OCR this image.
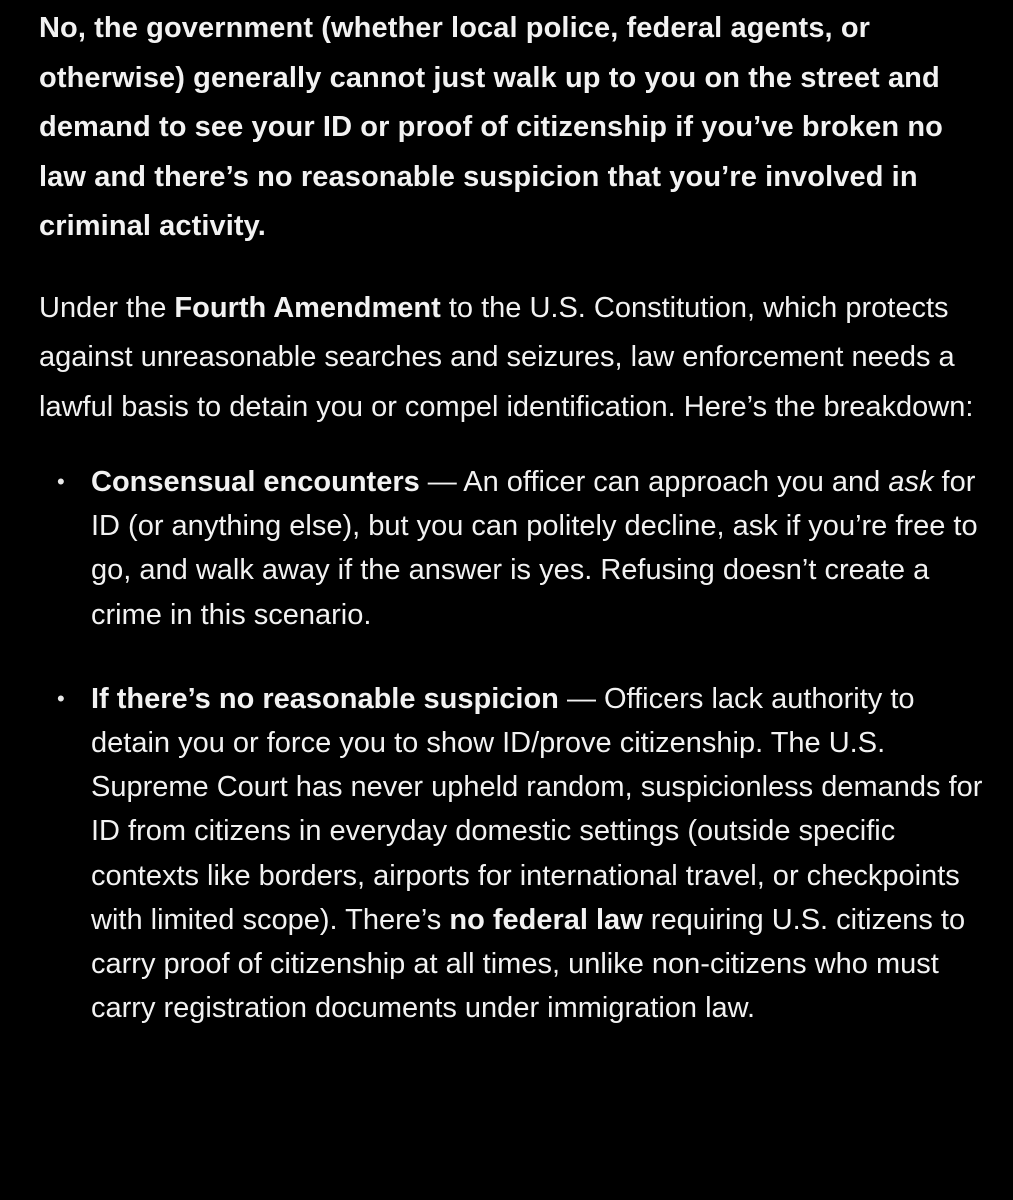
No, the government (whether local police, federal agents, or otherwise) generally cannot just walk up to you on the street and demand to see your ID or proof of citizenship if you’ve broken no law and there’s no reasonable suspicion that you’re involved in criminal activity.

Under the Fourth Amendment to the U.S. Constitution, which protects against unreasonable searches and seizures, law enforcement needs a lawful basis to detain you or compel identification. Here’s the breakdown:

• Consensual encounters — An officer can approach you and ask for ID (or anything else), but you can politely decline, ask if you’re free to go, and walk away if the answer is yes. Refusing doesn’t create a crime in this scenario.
• If there’s no reasonable suspicion — Officers lack authority to detain you or force you to show ID/prove citizenship. The U.S. Supreme Court has never upheld random, suspicionless demands for ID from citizens in everyday domestic settings (outside specific contexts like borders, airports for international travel, or checkpoints with limited scope). There’s no federal law requiring U.S. citizens to carry proof of citizenship at all times, unlike non-citizens who must carry registration documents under immigration law.
